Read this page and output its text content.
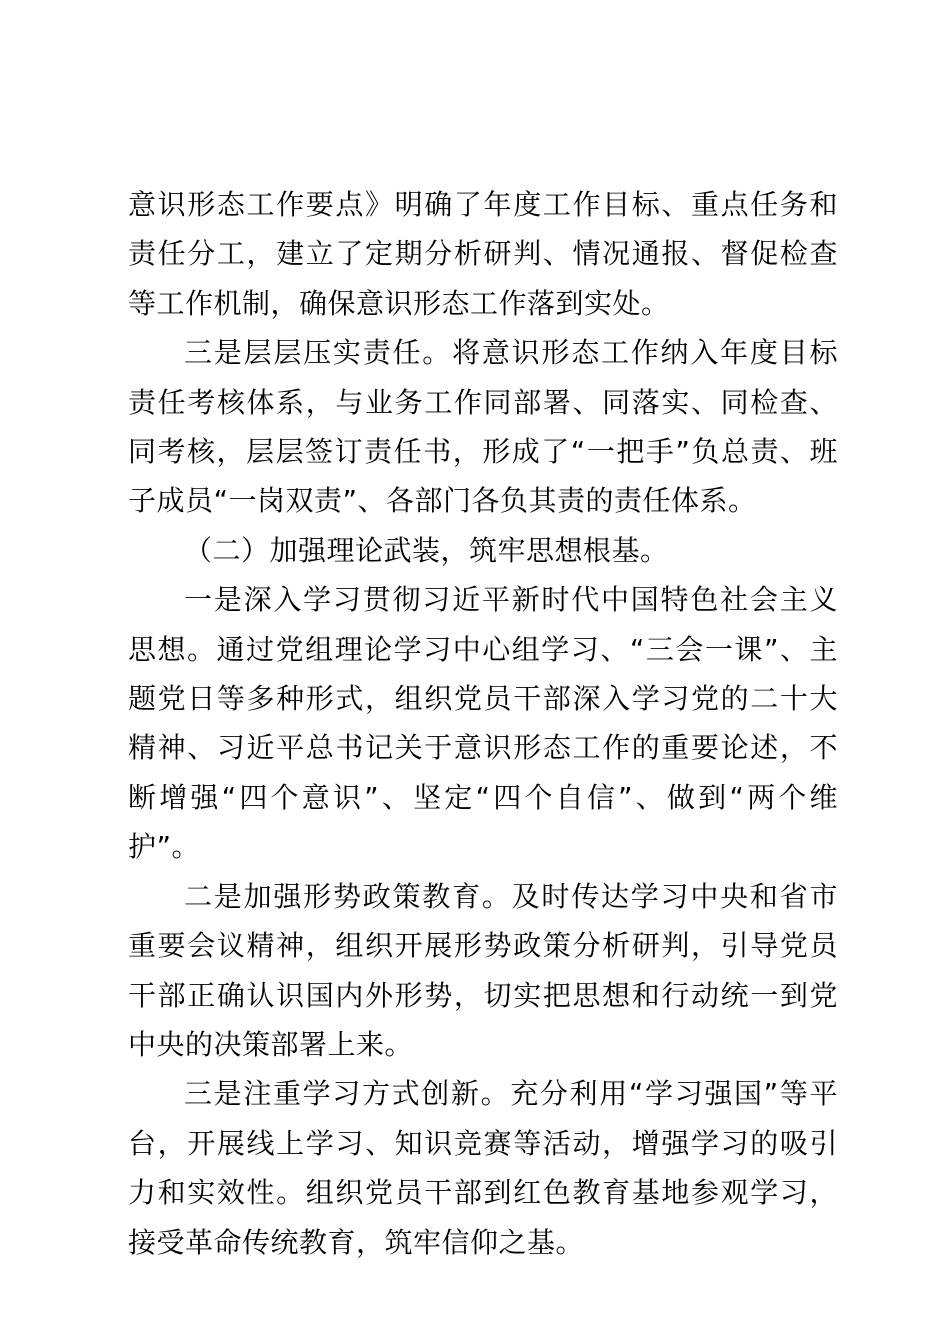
意识形态工作要点》明确了年度工作目标、重点任务和责任分工，建立了定期分析研判、情况通报、督促检查等工作机制，确保意识形态工作落到实处。

三是层层压实责任。将意识形态工作纳入年度目标责任考核体系，与业务工作同部署、同落实、同检查、同考核，层层签订责任书，形成了“一把手”负总责、班子成员“一岗双责”、各部门各负其责的责任体系。

（二）加强理论武装，筑牢思想根基。

一是深入学习贯彻习近平新时代中国特色社会主义思想。通过党组理论学习中心组学习、“三会一课”、主题党日等多种形式，组织党员干部深入学习党的二十大精神、习近平总书记关于意识形态工作的重要论述，不断增强“四个意识”、坚定“四个自信”、做到“两个维护”。

二是加强形势政策教育。及时传达学习中央和省市重要会议精神，组织开展形势政策分析研判，引导党员干部正确认识国内外形势，切实把思想和行动统一到党中央的决策部署上来。

三是注重学习方式创新。充分利用“学习强国”等平台，开展线上学习、知识竞赛等活动，增强学习的吸引力和实效性。组织党员干部到红色教育基地参观学习，接受革命传统教育，筑牢信仰之基。
